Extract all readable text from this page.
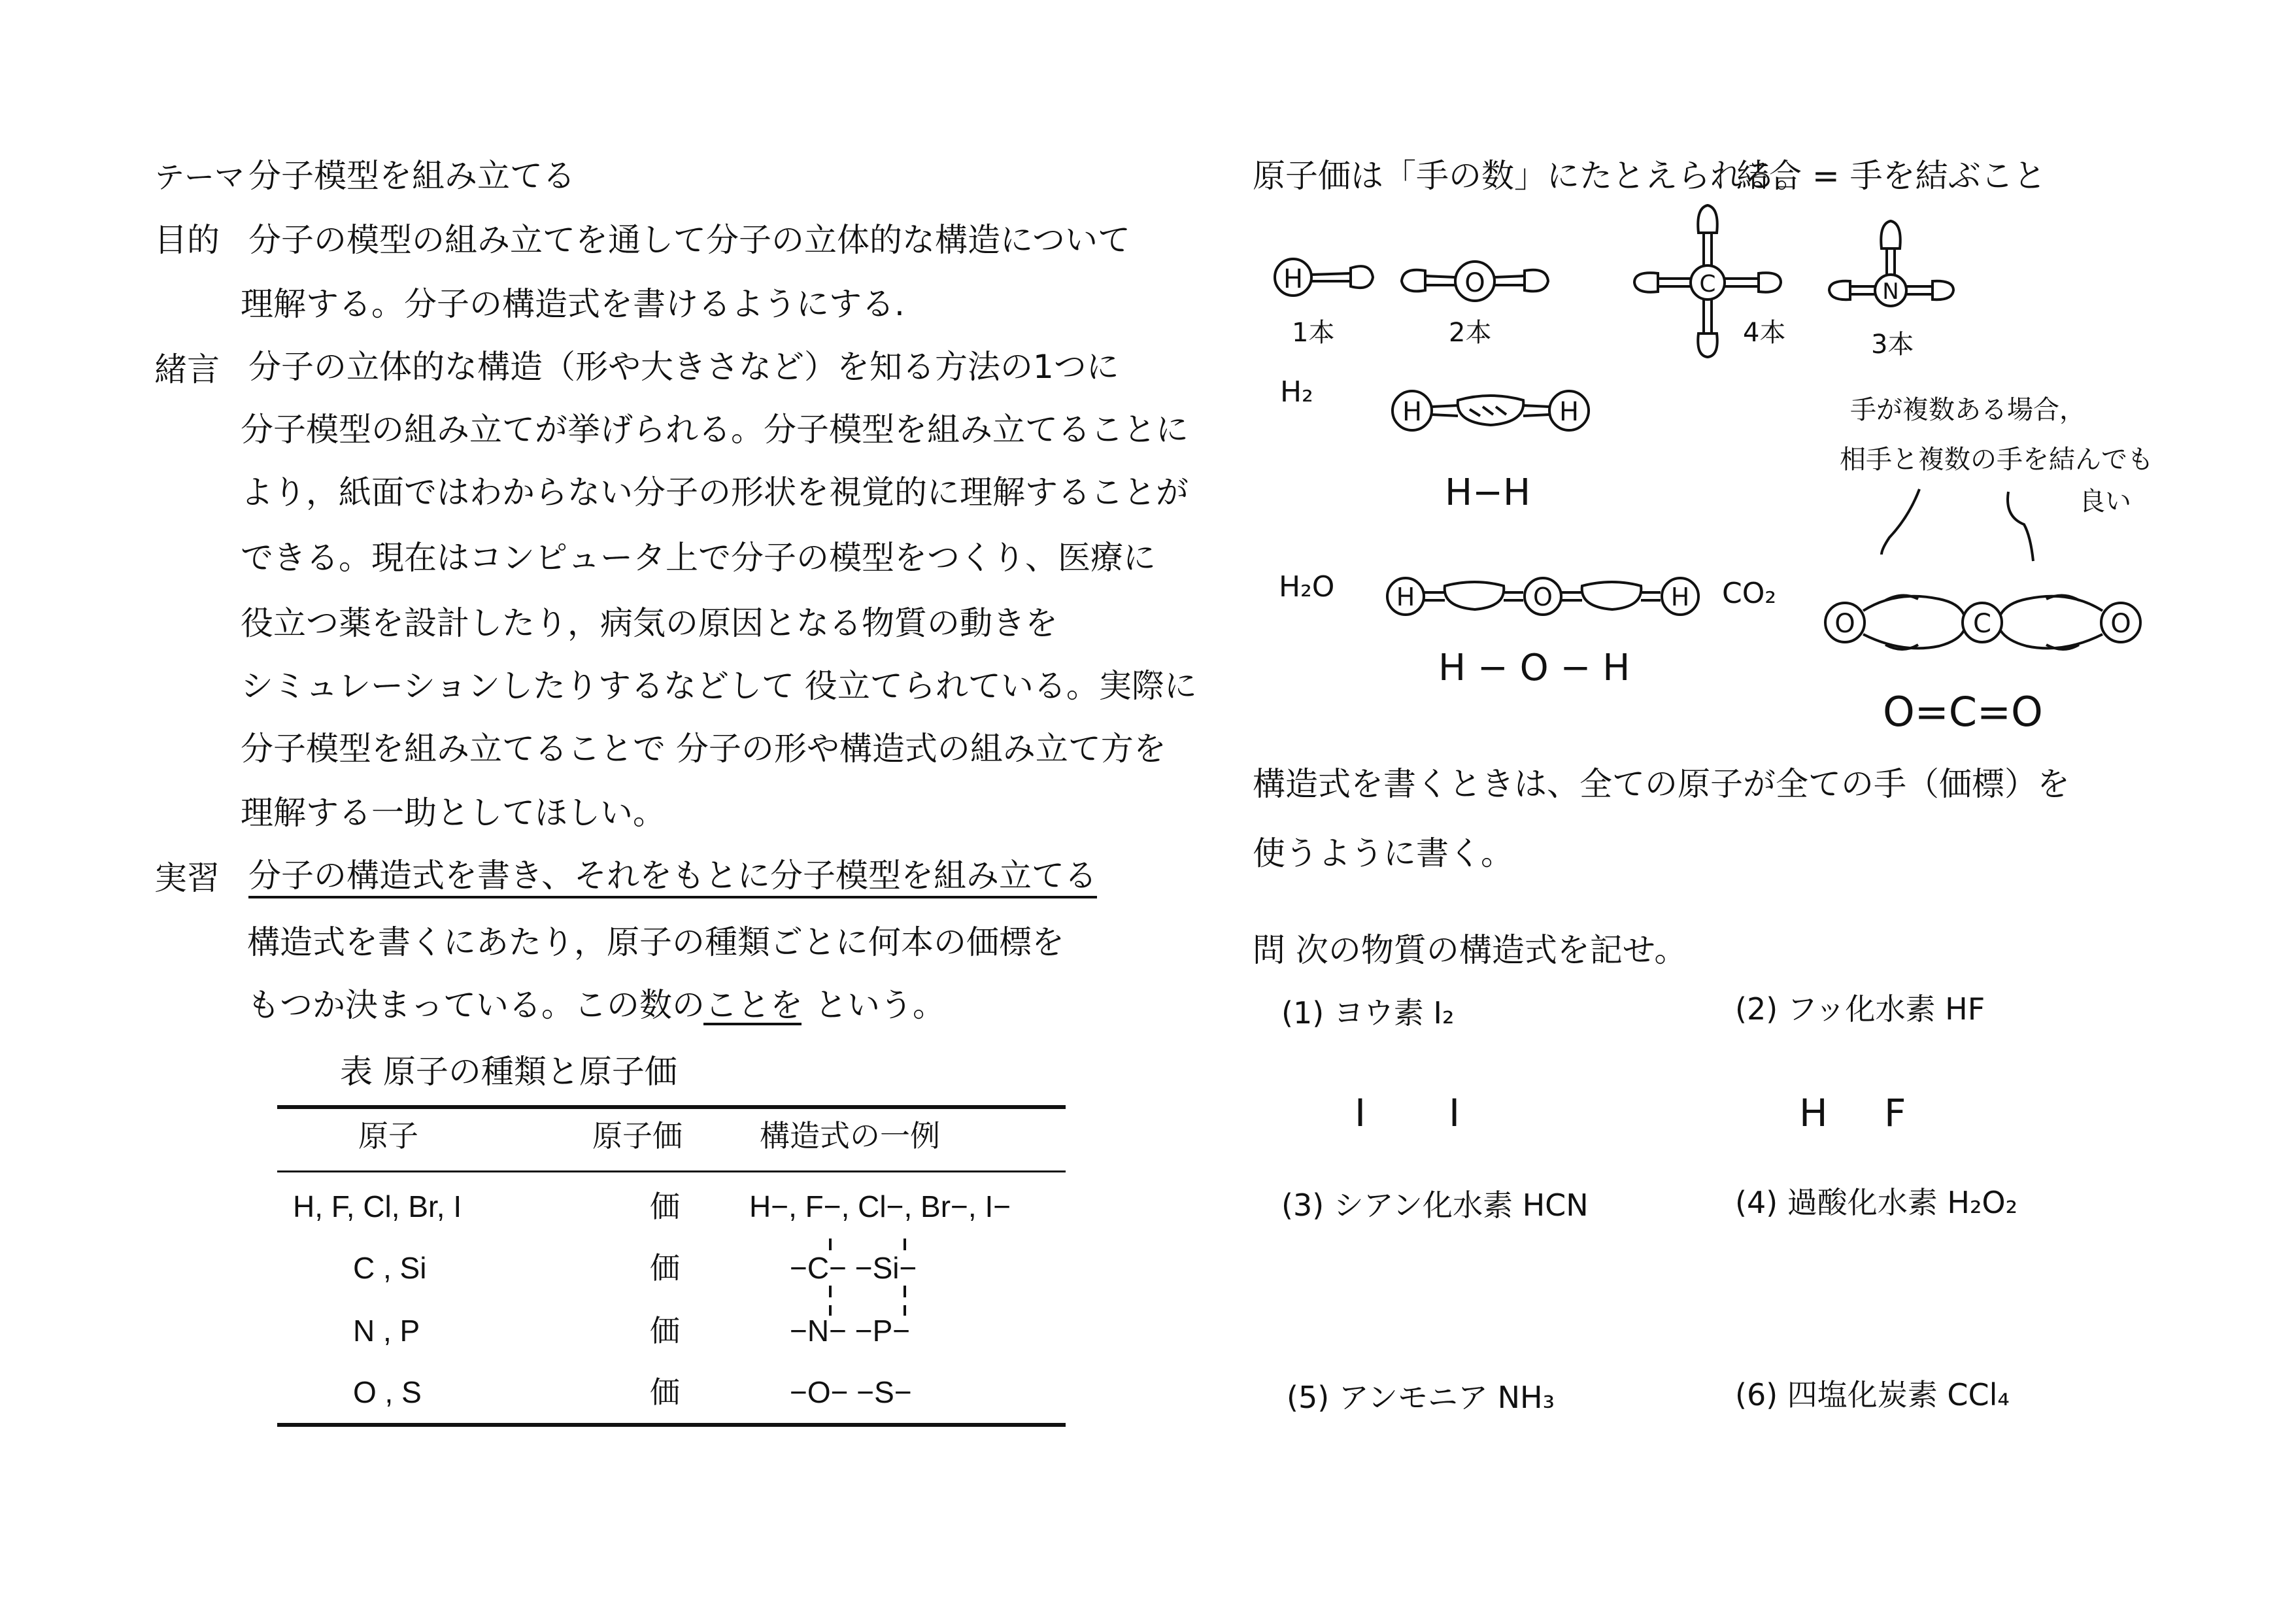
テーマ 分子模型を組み立てる
目的 分子の模型の組み立てを通して分子の立体的な構造について
理解する。分子の構造式を書けるようにする.
緒言 分子の立体的な構造（形や大きさなど）を知る方法の1つに
分子模型の組み立てが挙げられる。分子模型を組み立てることに
より，紙面ではわからない分子の形状を視覚的に理解することが
できる。現在はコンピュータ上で分子の模型をつくり、医療に
役立つ薬を設計したり，病気の原因となる物質の動きを
シミュレーションしたりするなどして 役立てられている。実際に
分子模型を組み立てることで 分子の形や構造式の組み立て方を
理解する一助としてほしい。
実習 分子の構造式を書き、それをもとに分子模型を組み立てる
構造式を書くにあたり，原子の種類ごとに何本の価標を
もつか決まっている。この数のことを という。
表 原子の種類と原子価
原子	原子価	構造式の一例
H, F, Cl, Br, I	価 H−, F−, Cl−, Br−, I−
C , Si	価	−C− −Si−
N , P	価	−N− −P−
O , S	価	−O− −S−
原子価は「手の数」にたとえられる。
結合 = 手を結ぶこと
H	O	C	N
1本	2本	4本	3本
H₂
H	H
H−H
H₂O H	O	H
H − O − H
CO₂
手が複数ある場合，
相手と複数の手を結んでも
良い
O	C	O
O=C=O
I I	H F
構造式を書くときは、全ての原子が全ての手（価標）を
使うように書く。
問 次の物質の構造式を記せ。
(1) ヨウ素 I₂	(2) フッ化水素 HF
(3) シアン化水素 HCN	(4) 過酸化水素 H₂O₂
(5) アンモニア NH₃	(6) 四塩化炭素 CCl₄
